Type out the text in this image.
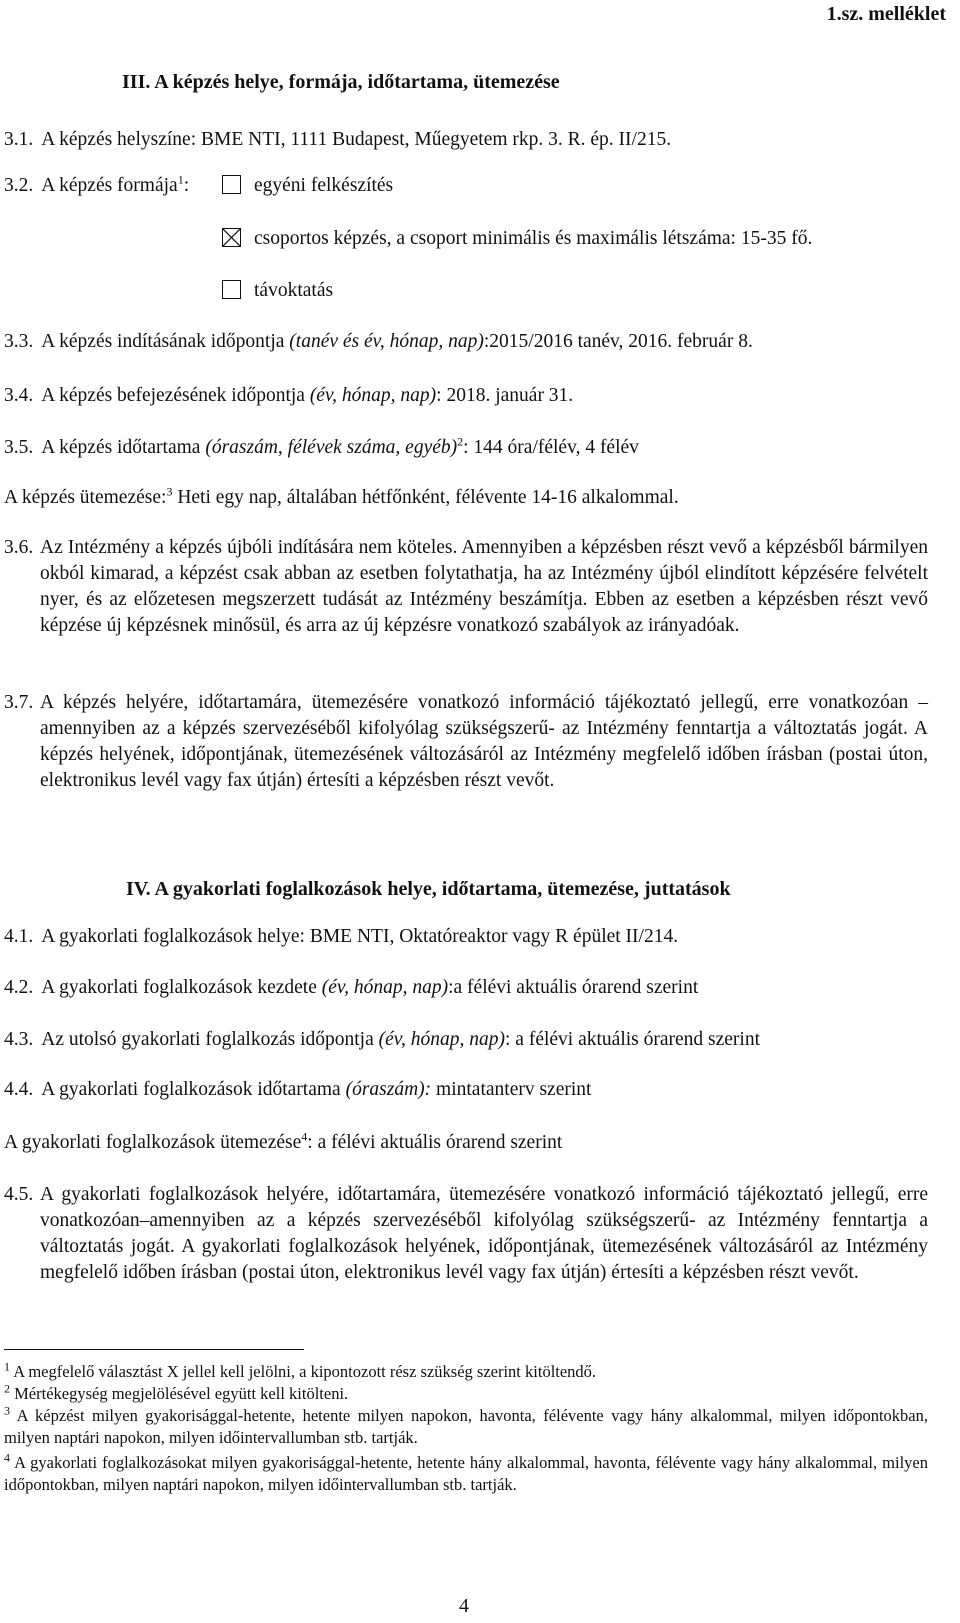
1.sz. melléklet
III. A képzés helye, formája, időtartama, ütemezése
3.1. A képzés helyszíne: BME NTI, 1111 Budapest, Műegyetem rkp. 3. R. ép. II/215.
3.2. A képzés formája$^1$:	egyéni felkészítés
csoportos képzés, a csoport minimális és maximális létszáma: 15-35 fő.
távoktatás
3.3. A képzés indításának időpontja (tanév és év, hónap, nap):2015/2016 tanév, 2016. február 8.
3.4. A képzés befejezésének időpontja (év, hónap, nap): 2018. január 31.
3.5. A képzés időtartama (óraszám, félévek száma, egyéb)$^2$: 144 óra/félév, 4 félév
A képzés ütemezése:$^3$ Heti egy nap, általában hétfőnként, félévente 14-16 alkalommal.
3.6. Az Intézmény a képzés újbóli indítására nem köteles. Amennyiben a képzésben részt vevő a képzésből bármilyen okból kimarad, a képzést csak abban az esetben folytathatja, ha az Intézmény újból elindított képzésére felvételt nyer, és az előzetesen megszerzett tudását az Intézmény beszámítja. Ebben az esetben a képzésben részt vevő képzése új képzésnek minősül, és arra az új képzésre vonatkozó szabályok az irányadóak.
3.7. A képzés helyére, időtartamára, ütemezésére vonatkozó információ tájékoztató jellegű, erre vonatkozóan –amennyiben az a képzés szervezéséből kifolyólag szükségszerű- az Intézmény fenntartja a változtatás jogát. A képzés helyének, időpontjának, ütemezésének változásáról az Intézmény megfelelő időben írásban (postai úton, elektronikus levél vagy fax útján) értesíti a képzésben részt vevőt.
IV. A gyakorlati foglalkozások helye, időtartama, ütemezése, juttatások
4.1. A gyakorlati foglalkozások helye: BME NTI, Oktatóreaktor vagy R épület II/214.
4.2. A gyakorlati foglalkozások kezdete (év, hónap, nap):a félévi aktuális órarend szerint
4.3. Az utolsó gyakorlati foglalkozás időpontja (év, hónap, nap): a félévi aktuális órarend szerint
4.4. A gyakorlati foglalkozások időtartama (óraszám): mintatanterv szerint
A gyakorlati foglalkozások ütemezése$^4$: a félévi aktuális órarend szerint
4.5. A gyakorlati foglalkozások helyére, időtartamára, ütemezésére vonatkozó információ tájékoztató jellegű, erre vonatkozóan–amennyiben az a képzés szervezéséből kifolyólag szükségszerű- az Intézmény fenntartja a változtatás jogát. A gyakorlati foglalkozások helyének, időpontjának, ütemezésének változásáról az Intézmény megfelelő időben írásban (postai úton, elektronikus levél vagy fax útján) értesíti a képzésben részt vevőt.
$^1$ A megfelelő választást X jellel kell jelölni, a kipontozott rész szükség szerint kitöltendő.
$^2$ Mértékegység megjelölésével együtt kell kitölteni.
$^3$ A képzést milyen gyakorisággal-hetente, hetente milyen napokon, havonta, félévente vagy hány alkalommal, milyen időpontokban, milyen naptári napokon, milyen időintervallumban stb. tartják.
$^4$ A gyakorlati foglalkozásokat milyen gyakorisággal-hetente, hetente hány alkalommal, havonta, félévente vagy hány alkalommal, milyen időpontokban, milyen naptári napokon, milyen időintervallumban stb. tartják.
4
